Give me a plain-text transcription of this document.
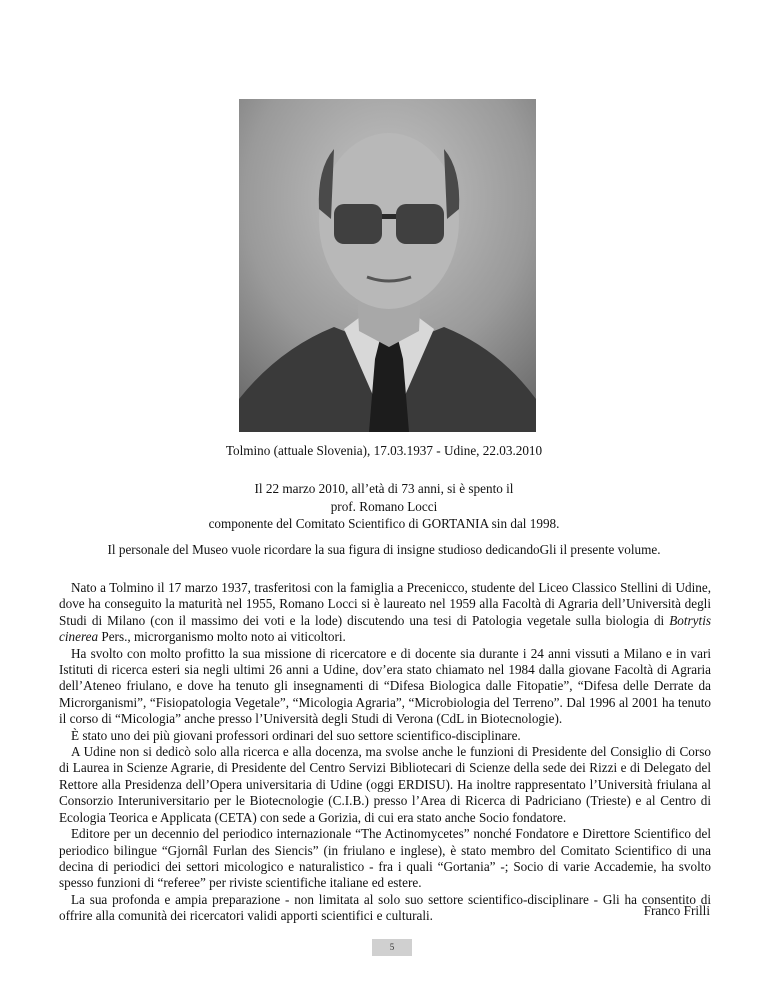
Tolmino (attuale Slovenia), 17.03.1937 - Udine, 22.03.2010
Il 22 marzo 2010, all’età di 73 anni, si è spento il
prof. Romano Locci
componente del Comitato Scientifico di GORTANIA sin dal 1998.
Il personale del Museo vuole ricordare la sua figura di insigne studioso dedicandoGli il presente volume.

Nato a Tolmino il 17 marzo 1937, trasferitosi con la famiglia a Precenicco, studente del Liceo Classico Stellini di Udine, dove ha conseguito la maturità nel 1955, Romano Locci si è laureato nel 1959 alla Facoltà di Agraria dell’Università degli Studi di Milano (con il massimo dei voti e la lode) discutendo una tesi di Patologia vegetale sulla biologia di Botrytis cinerea Pers., microrganismo molto noto ai viticoltori.

Ha svolto con molto profitto la sua missione di ricercatore e di docente sia durante i 24 anni vissuti a Milano e in vari Istituti di ricerca esteri sia negli ultimi 26 anni a Udine, dov’era stato chiamato nel 1984 dalla giovane Facoltà di Agraria dell’Ateneo friulano, e dove ha tenuto gli insegnamenti di “Difesa Biologica dalle Fitopatie”, “Difesa delle Derrate da Microrganismi”, “Fisiopatologia Vegetale”, “Micologia Agraria”, “Microbiologia del Terreno”. Dal 1996 al 2001 ha tenuto il corso di “Micologia” anche presso l’Università degli Studi di Verona (CdL in Biotecnologie).

È stato uno dei più giovani professori ordinari del suo settore scientifico-disciplinare.

A Udine non si dedicò solo alla ricerca e alla docenza, ma svolse anche le funzioni di Presidente del Consiglio di Corso di Laurea in Scienze Agrarie, di Presidente del Centro Servizi Bibliotecari di Scienze della sede dei Rizzi e di Delegato del Rettore alla Presidenza dell’Opera universitaria di Udine (oggi ERDISU). Ha inoltre rappresentato l’Università friulana al Consorzio Interuniversitario per le Biotecnologie (C.I.B.) presso l’Area di Ricerca di Padriciano (Trieste) e al Centro di Ecologia Teorica e Applicata (CETA) con sede a Gorizia, di cui era stato anche Socio fondatore.

Editore per un decennio del periodico internazionale “The Actinomycetes” nonché Fondatore e Direttore Scientifico del periodico bilingue “Gjornâl Furlan des Siencis” (in friulano e inglese), è stato membro del Comitato Scientifico di una decina di periodici dei settori micologico e naturalistico - fra i quali “Gortania” -; Socio di varie Accademie, ha svolto spesso funzioni di “referee” per riviste scientifiche italiane ed estere.

La sua profonda e ampia preparazione - non limitata al solo suo settore scientifico-disciplinare - Gli ha consentito di offrire alla comunità dei ricercatori validi apporti scientifici e culturali.	Franco Frilli
5
